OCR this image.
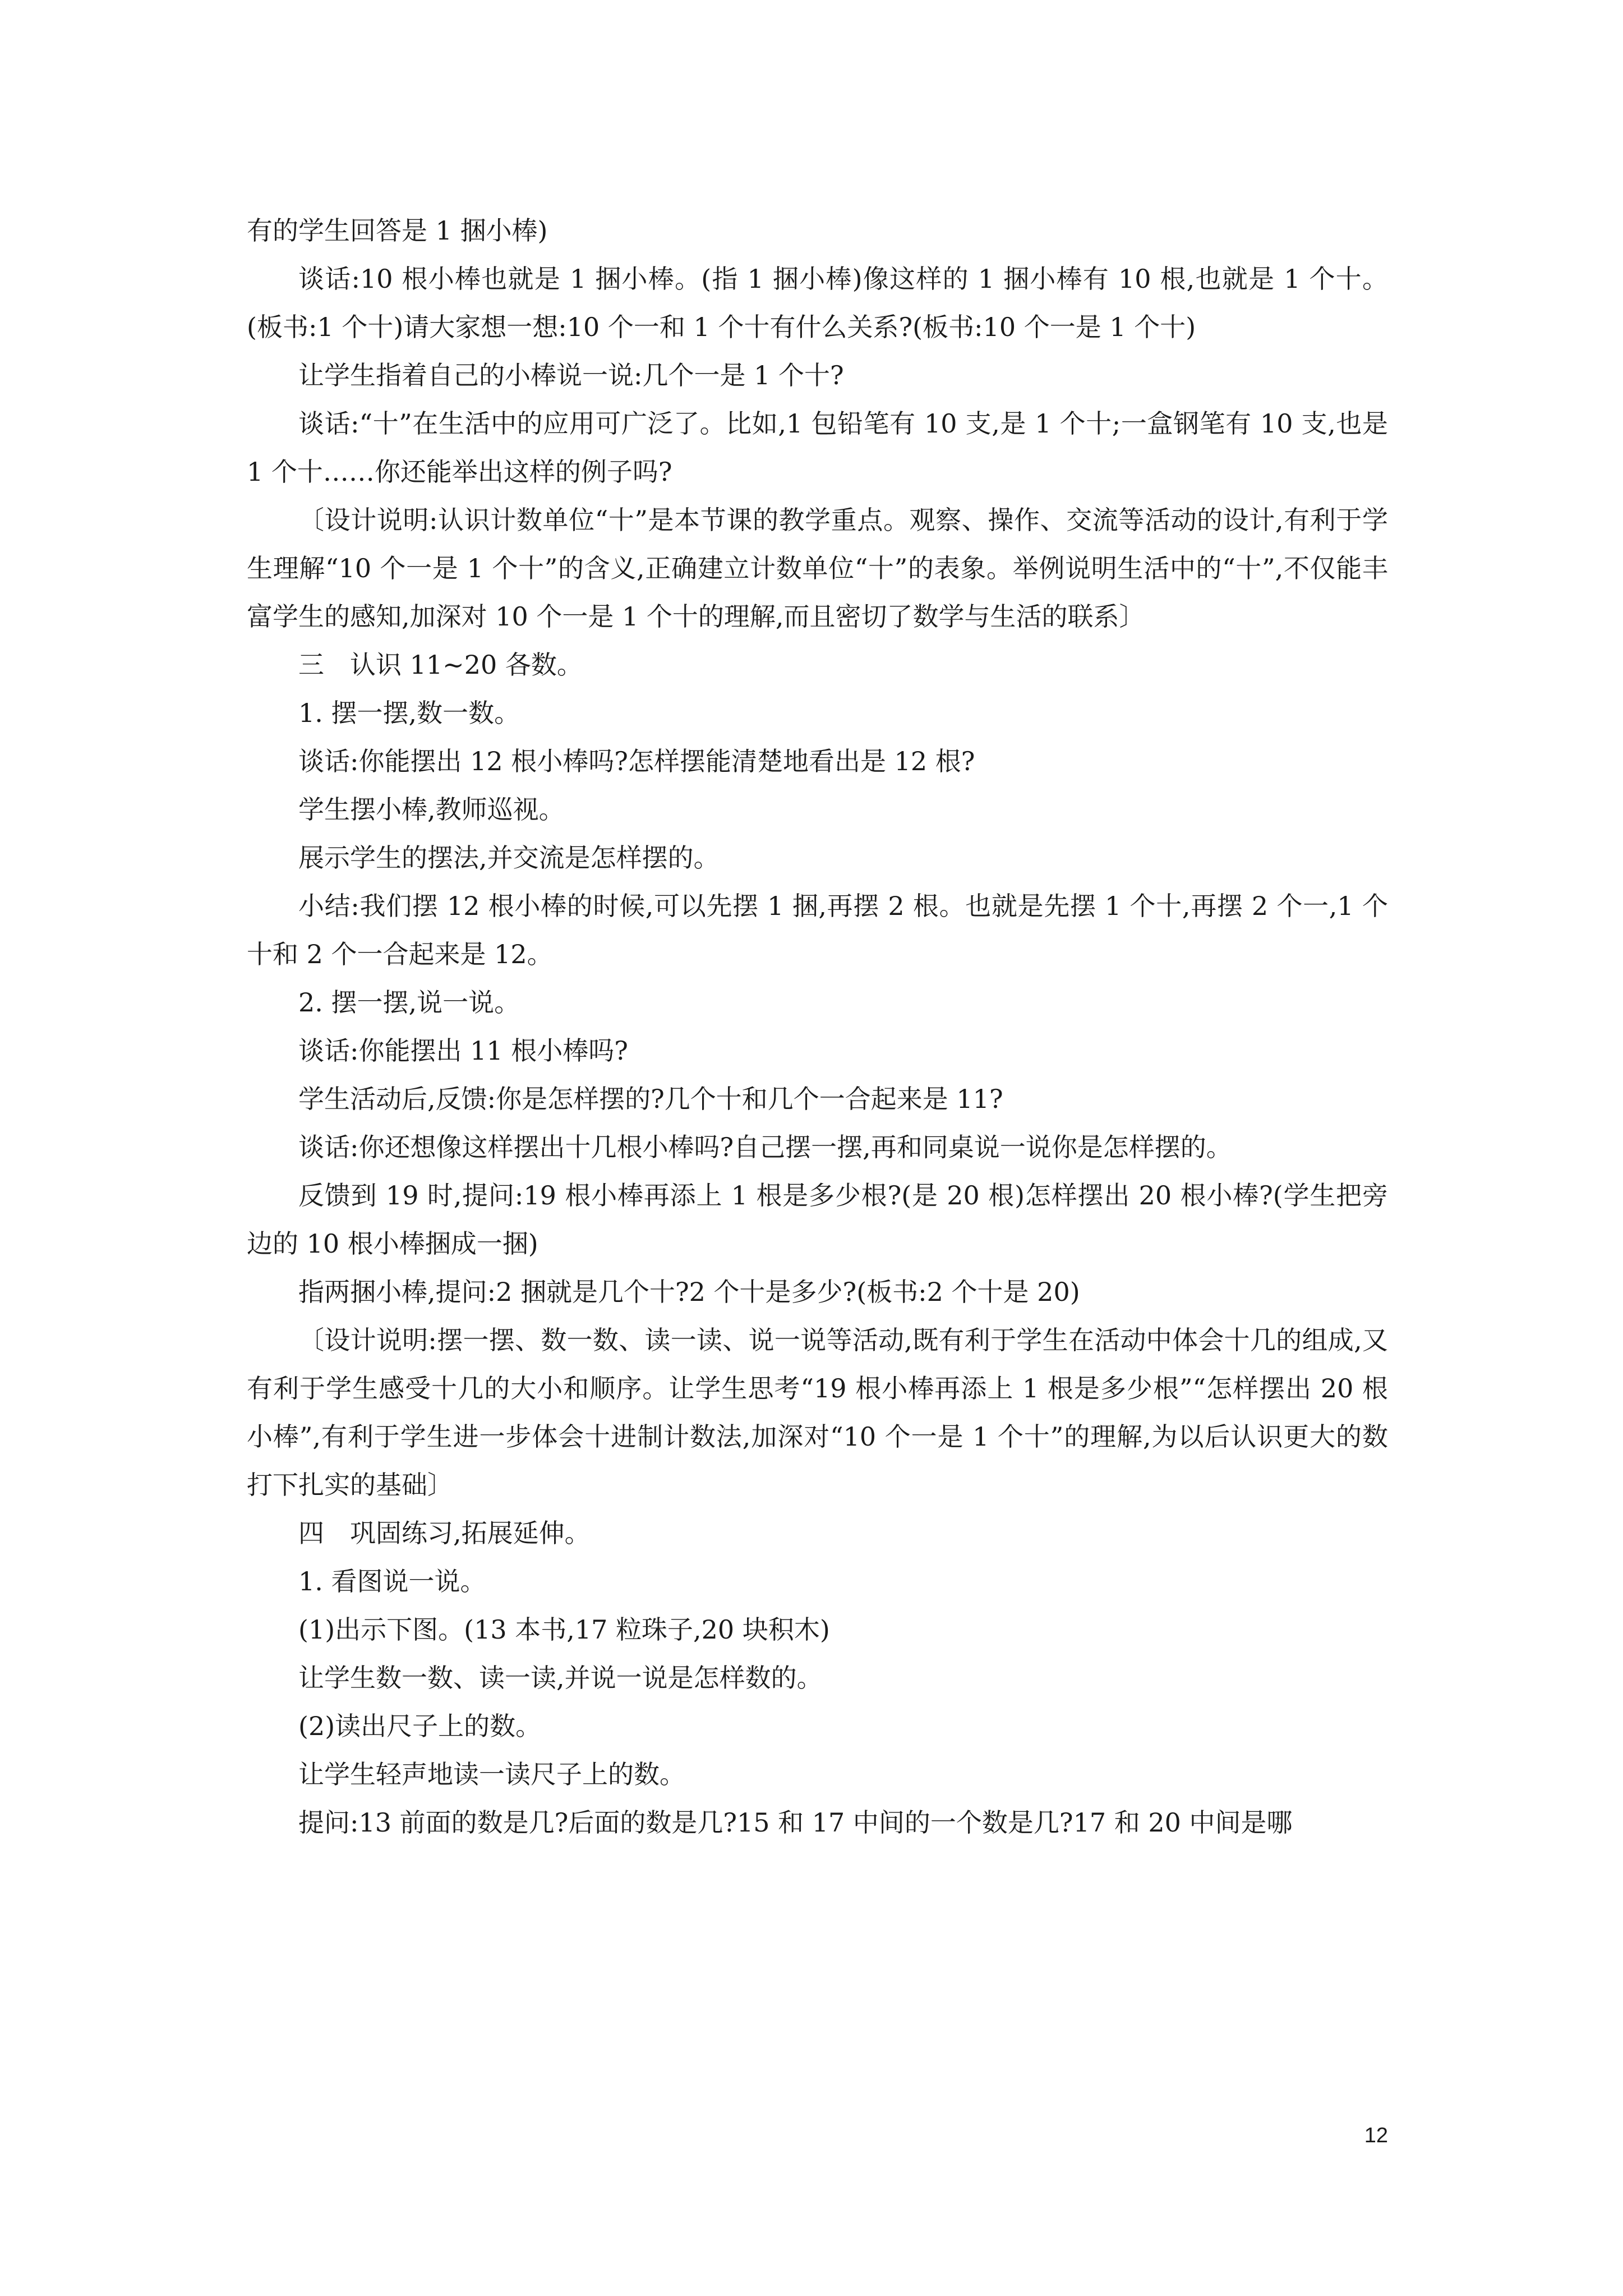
有的学生回答是 1 捆小棒)

谈话:10 根小棒也就是 1 捆小棒。(指 1 捆小棒)像这样的 1 捆小棒有 10 根,也就是 1 个十。(板书:1 个十)请大家想一想:10 个一和 1 个十有什么关系?(板书:10 个一是 1 个十)

让学生指着自己的小棒说一说:几个一是 1 个十?

谈话:“十”在生活中的应用可广泛了。比如,1 包铅笔有 10 支,是 1 个十;一盒钢笔有 10 支,也是 1 个十……你还能举出这样的例子吗?

〔设计说明:认识计数单位“十”是本节课的教学重点。观察、操作、交流等活动的设计,有利于学生理解“10 个一是 1 个十”的含义,正确建立计数单位“十”的表象。举例说明生活中的“十”,不仅能丰富学生的感知,加深对 10 个一是 1 个十的理解,而且密切了数学与生活的联系〕

三　认识 11~20 各数。

1. 摆一摆,数一数。

谈话:你能摆出 12 根小棒吗?怎样摆能清楚地看出是 12 根?

学生摆小棒,教师巡视。

展示学生的摆法,并交流是怎样摆的。

小结:我们摆 12 根小棒的时候,可以先摆 1 捆,再摆 2 根。也就是先摆 1 个十,再摆 2 个一,1 个十和 2 个一合起来是 12。

2. 摆一摆,说一说。

谈话:你能摆出 11 根小棒吗?

学生活动后,反馈:你是怎样摆的?几个十和几个一合起来是 11?

谈话:你还想像这样摆出十几根小棒吗?自己摆一摆,再和同桌说一说你是怎样摆的。

反馈到 19 时,提问:19 根小棒再添上 1 根是多少根?(是 20 根)怎样摆出 20 根小棒?(学生把旁边的 10 根小棒捆成一捆)

指两捆小棒,提问:2 捆就是几个十?2 个十是多少?(板书:2 个十是 20)

〔设计说明:摆一摆、数一数、读一读、说一说等活动,既有利于学生在活动中体会十几的组成,又有利于学生感受十几的大小和顺序。让学生思考“19 根小棒再添上 1 根是多少根”“怎样摆出 20 根小棒”,有利于学生进一步体会十进制计数法,加深对“10 个一是 1 个十”的理解,为以后认识更大的数打下扎实的基础〕

四　巩固练习,拓展延伸。

1. 看图说一说。

(1)出示下图。(13 本书,17 粒珠子,20 块积木)

让学生数一数、读一读,并说一说是怎样数的。

(2)读出尺子上的数。

让学生轻声地读一读尺子上的数。

提问:13 前面的数是几?后面的数是几?15 和 17 中间的一个数是几?17 和 20 中间是哪

12
